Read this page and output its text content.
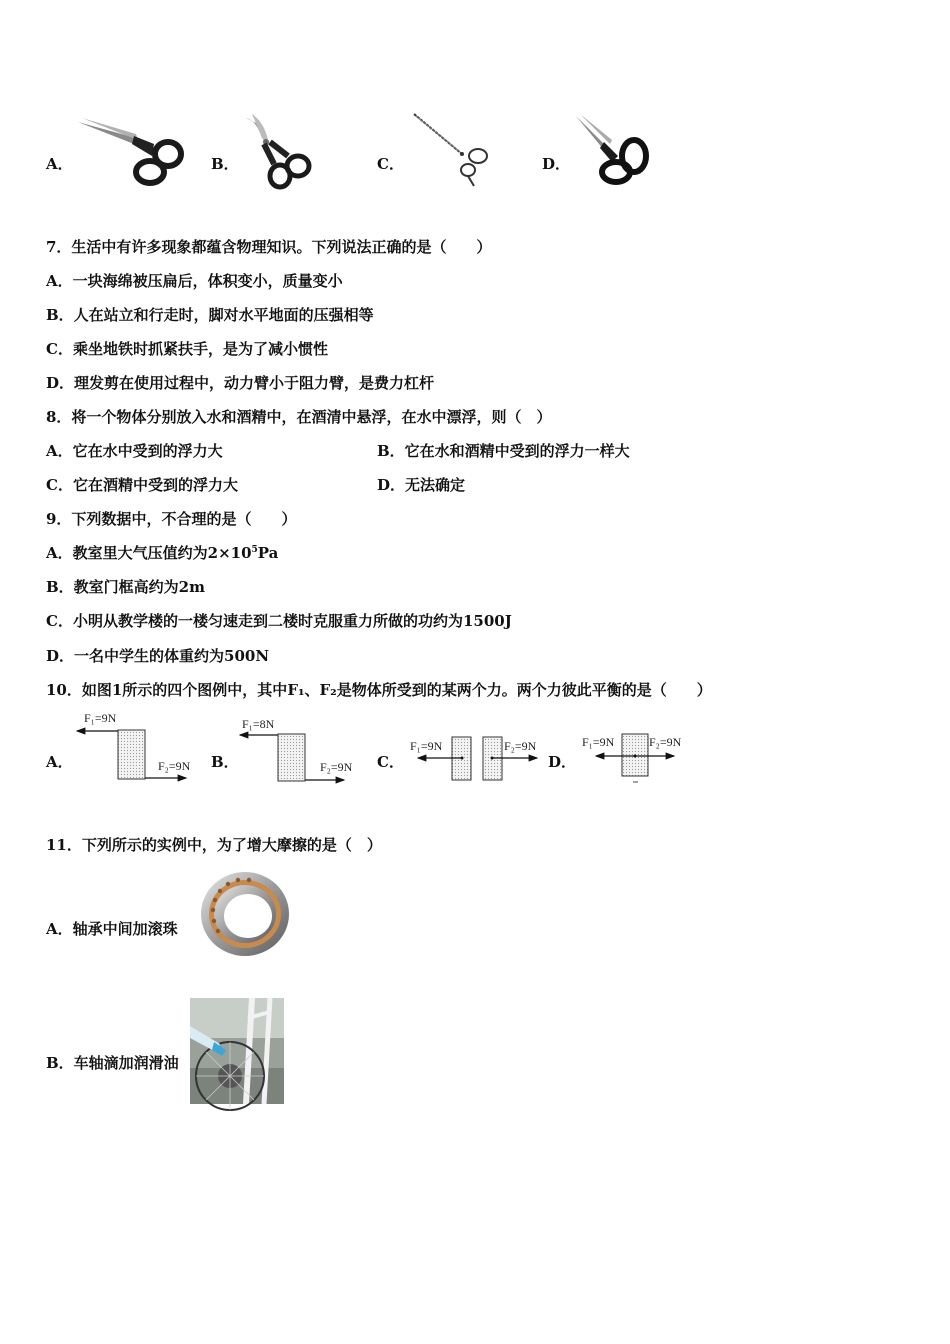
A．	B．	C．	D．
7．生活中有许多现象都蕴含物理知识。下列说法正确的是（　　）
A．一块海绵被压扁后，体积变小，质量变小
B．人在站立和行走时，脚对水平地面的压强相等
C．乘坐地铁时抓紧扶手，是为了减小惯性
D．理发剪在使用过程中，动力臂小于阻力臂，是费力杠杆
8．将一个物体分别放入水和酒精中，在酒清中悬浮，在水中漂浮，则（　）
A．它在水中受到的浮力大	B．它在水和酒精中受到的浮力一样大
C．它在酒精中受到的浮力大	D．无法确定
9．下列数据中，不合理的是（　　）
A．教室里大气压值约为$2\times 10^5Pa$
B．教室门框高约为2m
C．小明从教学楼的一楼匀速走到二楼时克服重力所做的功约为1500J
D．一名中学生的体重约为500N
10．如图1所示的四个图例中，其中F₁、F₂是物体所受到的某两个力。两个力彼此平衡的是（　　）
A．
F₁=9N
F₂=9N B．
F₁=8N
F₂=9N C．
F₁=9N	F₂=9N
D．
F₁=9N	F₂=9N
11．下列所示的实例中，为了增大摩擦的是（　）
A．轴承中间加滚珠
B．车轴滴加润滑油
